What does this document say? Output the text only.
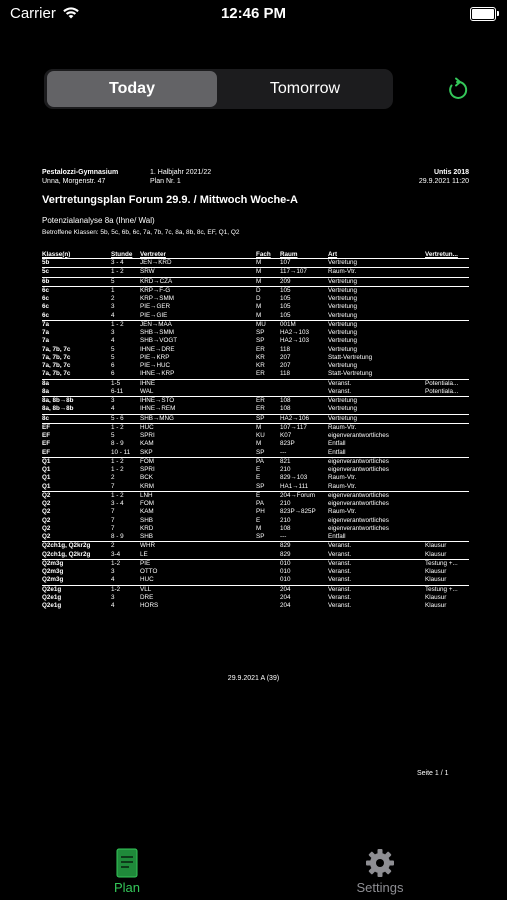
Carrier	12:46 PM
Today	Tomorrow
Pestalozzi-Gymnasium
Unna, Morgenstr. 47
1. Halbjahr 2021/22
Plan Nr. 1
Untis 2018
29.9.2021 11:20
Vertretungsplan Forum 29.9. / Mittwoch Woche-A
Potenzialanalyse 8a (Ihne/ Wal)
Betroffene Klassen: 5b, 5c, 6b, 6c, 7a, 7b, 7c, 8a, 8b, 8c, EF, Q1, Q2
Klasse(n)	Stunde	Vertreter	Fach	Raum	Art	Vertretun...
5b	3 - 4	JEN→KRD	M	107	Vertretung	
5c	1 - 2	SRW	M	117→107	Raum-Vtr.	
6b	5	KRD→CZA	M	209	Vertretung	
6c	1	KRP→F-G	D	105	Vertretung	
6c	2	KRP→SMM	D	105	Vertretung	
6c	3	PIE→GER	M	105	Vertretung	
6c	4	PIE→GIE	M	105	Vertretung	
7a	1 - 2	JEN→MAA	MU	001M	Vertretung	
7a	3	SHB→SMM	SP	HA2→103	Vertretung	
7a	4	SHB→VOGT	SP	HA2→103	Vertretung	
7a, 7b, 7c	5	IHNE→DRE	ER	118	Vertretung	
7a, 7b, 7c	5	PIE→KRP	KR	207	Statt-Vertretung	
7a, 7b, 7c	6	PIE→HUC	KR	207	Vertretung	
7a, 7b, 7c	6	IHNE→KRP	ER	118	Statt-Vertretung	
8a	1-5	IHNE			Veranst.	Potentiala...
8a	6-11	WAL			Veranst.	Potentiala...
8a, 8b→8b	3	IHNE→STO	ER	108	Vertretung	
8a, 8b→8b	4	IHNE→REM	ER	108	Vertretung	
8c	5 - 6	SHB→MNG	SP	HA2→106	Vertretung	
EF	1 - 2	HUC	M	107→117	Raum-Vtr.	
EF	5	SPRI	KU	K07	eigenverantwortliches	
EF	8 - 9	KAM	M	823P	Entfall	
EF	10 - 11	SKP	SP	---	Entfall	
Q1	1 - 2	FOM	PA	821	eigenverantwortliches	
Q1	1 - 2	SPRI	E	210	eigenverantwortliches	
Q1	2	BCK	E	829→103	Raum-Vtr.	
Q1	7	KRM	SP	HA1→111	Raum-Vtr.	
Q2	1 - 2	LNH	E	204→Forum	eigenverantwortliches	
Q2	3 - 4	FOM	PA	210	eigenverantwortliches	
Q2	7	KAM	PH	823P→825P	Raum-Vtr.	
Q2	7	SHB	E	210	eigenverantwortliches	
Q2	7	KRD	M	108	eigenverantwortliches	
Q2	8 - 9	SHB	SP	---	Entfall	
Q2ch1g, Q2kr2g	2	WHR		829	Veranst.	Klausur
Q2ch1g, Q2kr2g	3-4	LE		829	Veranst.	Klausur
Q2m3g	1-2	PIE		010	Veranst.	Testung +...
Q2m3g	3	OTTO		010	Veranst.	Klausur
Q2m3g	4	HUC		010	Veranst.	Klausur
Q2e1g	1-2	VLL		204	Veranst.	Testung +...
Q2e1g	3	DRE		204	Veranst.	Klausur
Q2e1g	4	HORS		204	Veranst.	Klausur
29.9.2021 A (39)
Seite 1 / 1
Plan	Settings
